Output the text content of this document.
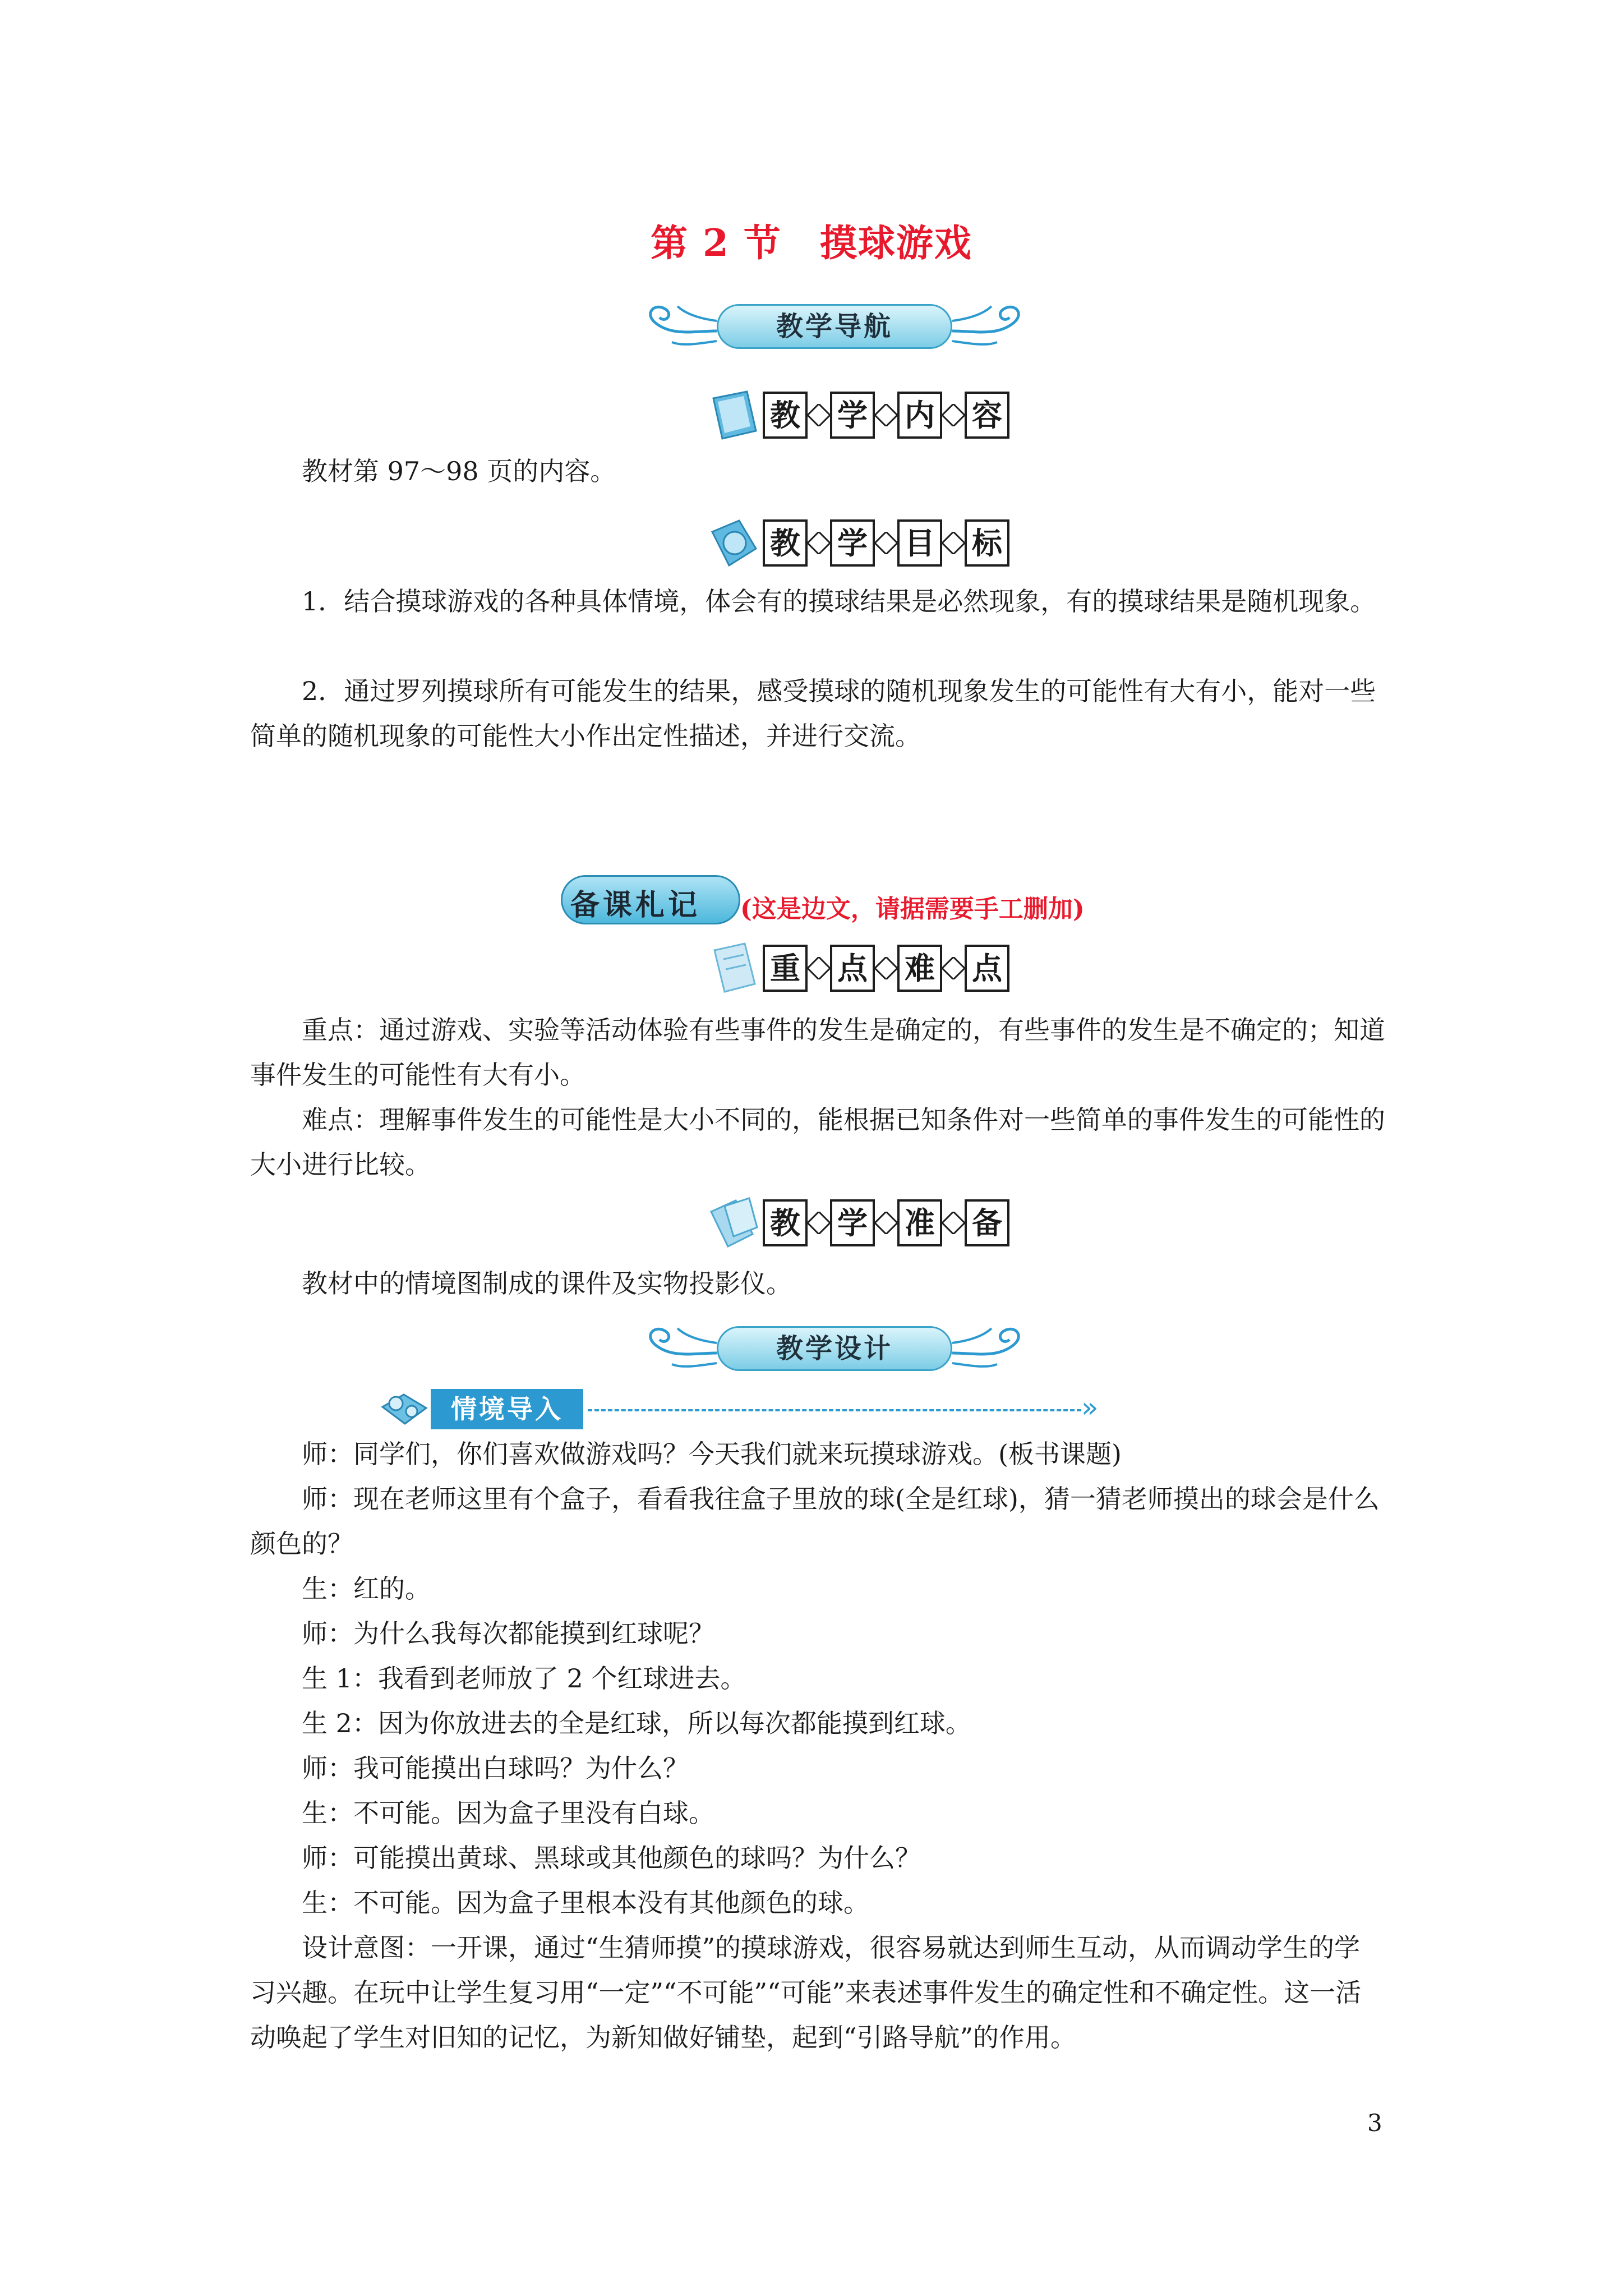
第 2 节　摸球游戏
教学导航
教 学 内 容

教材第 97～98 页的内容。

教 学 目 标

1．结合摸球游戏的各种具体情境，体会有的摸球结果是必然现象，有的摸球结果是随机现象。

2．通过罗列摸球所有可能发生的结果，感受摸球的随机现象发生的可能性有大有小，能对一些简单的随机现象的可能性大小作出定性描述，并进行交流。

备课札记 (这是边文，请据需要手工删加)
重 点 难 点

重点：通过游戏、实验等活动体验有些事件的发生是确定的，有些事件的发生是不确定的；知道事件发生的可能性有大有小。

难点：理解事件发生的可能性是大小不同的，能根据已知条件对一些简单的事件发生的可能性的大小进行比较。

教 学 准 备

教材中的情境图制成的课件及实物投影仪。

教学设计
情境导入	»
师：同学们，你们喜欢做游戏吗？今天我们就来玩摸球游戏。(板书课题)

师：现在老师这里有个盒子，看看我往盒子里放的球(全是红球)，猜一猜老师摸出的球会是什么颜色的？

生：红的。
师：为什么我每次都能摸到红球呢？
生 1：我看到老师放了 2 个红球进去。
生 2：因为你放进去的全是红球，所以每次都能摸到红球。
师：我可能摸出白球吗？为什么？
生：不可能。因为盒子里没有白球。
师：可能摸出黄球、黑球或其他颜色的球吗？为什么？
生：不可能。因为盒子里根本没有其他颜色的球。

设计意图：一开课，通过“生猜师摸”的摸球游戏，很容易就达到师生互动，从而调动学生的学习兴趣。在玩中让学生复习用“一定”“不可能”“可能”来表述事件发生的确定性和不确定性。这一活动唤起了学生对旧知的记忆，为新知做好铺垫，起到“引路导航”的作用。

3
